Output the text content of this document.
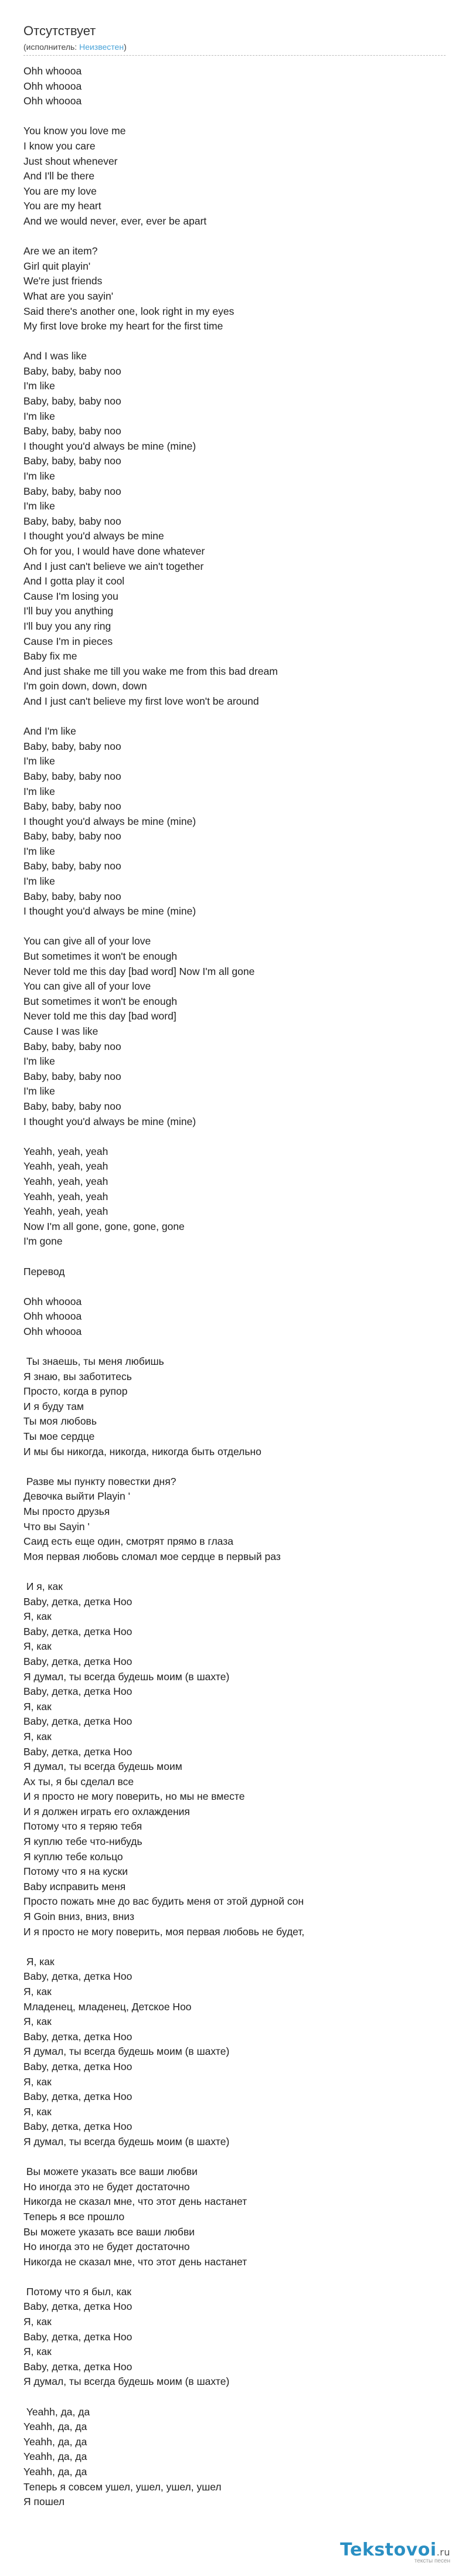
Отсутствует
(исполнитель: Неизвестен)
Ohh whoooa
Ohh whoooa
Ohh whoooa

You know you love me
I know you care
Just shout whenever
And I'll be there
You are my love
You are my heart
And we would never, ever, ever be apart

Are we an item?
Girl quit playin'
We're just friends
What are you sayin'
Said there's another one, look right in my eyes
My first love broke my heart for the first time

And I was like
Baby, baby, baby noo
I'm like
Baby, baby, baby noo
I'm like
Baby, baby, baby noo
I thought you'd always be mine (mine)
Baby, baby, baby noo
I'm like
Baby, baby, baby noo
I'm like
Baby, baby, baby noo
I thought you'd always be mine
Oh for you, I would have done whatever
And I just can't believe we ain't together
And I gotta play it cool
Cause I'm losing you
I'll buy you anything
I'll buy you any ring
Cause I'm in pieces
Baby fix me
And just shake me till you wake me from this bad dream
I'm goin down, down, down
And I just can't believe my first love won't be around

And I'm like
Baby, baby, baby noo
I'm like
Baby, baby, baby noo
I'm like
Baby, baby, baby noo
I thought you'd always be mine (mine)
Baby, baby, baby noo
I'm like
Baby, baby, baby noo
I'm like
Baby, baby, baby noo
I thought you'd always be mine (mine)

You can give all of your love
But sometimes it won't be enough
Never told me this day [bad word] Now I'm all gone
You can give all of your love
But sometimes it won't be enough
Never told me this day [bad word]
Cause I was like
Baby, baby, baby noo
I'm like
Baby, baby, baby noo
I'm like
Baby, baby, baby noo
I thought you'd always be mine (mine)

Yeahh, yeah, yeah
Yeahh, yeah, yeah
Yeahh, yeah, yeah
Yeahh, yeah, yeah
Yeahh, yeah, yeah
Now I'm all gone, gone, gone, gone
I'm gone

Перевод

Ohh whoooa
Ohh whoooa
Ohh whoooa

Ты знаешь, ты меня любишь
Я знаю, вы заботитесь
Просто, когда в рупор
И я буду там
Ты моя любовь
Ты мое сердце
И мы бы никогда, никогда, никогда быть отдельно

Разве мы пункту повестки дня?
Девочка выйти Playin '
Мы просто друзья
Что вы Sayin '
Саид есть еще один, смотрят прямо в глаза
Моя первая любовь сломал мое сердце в первый раз

И я, как
Baby, детка, детка Нoo
Я, как
Baby, детка, детка Нoo
Я, как
Baby, детка, детка Нoo
Я думал, ты всегда будешь моим (в шахте)
Baby, детка, детка Нoo
Я, как
Baby, детка, детка Нoo
Я, как
Baby, детка, детка Нoo
Я думал, ты всегда будешь моим
Ах ты, я бы сделал все
И я просто не могу поверить, но мы не вместе
И я должен играть его охлаждения
Потому что я теряю тебя
Я куплю тебе что-нибудь
Я куплю тебе кольцо
Потому что я на куски
Baby исправить меня
Просто пожать мне до вас будить меня от этой дурной сон
Я Goin вниз, вниз, вниз
И я просто не могу поверить, моя первая любовь не будет,

Я, как
Baby, детка, детка Нoo
Я, как
Младенец, младенец, Детское Нoo
Я, как
Baby, детка, детка Нoo
Я думал, ты всегда будешь моим (в шахте)
Baby, детка, детка Нoo
Я, как
Baby, детка, детка Нoo
Я, как
Baby, детка, детка Нoo
Я думал, ты всегда будешь моим (в шахте)

Вы можете указать все ваши любви
Но иногда это не будет достаточно
Никогда не сказал мне, что этот день настанет
Теперь я все прошло
Вы можете указать все ваши любви
Но иногда это не будет достаточно
Никогда не сказал мне, что этот день настанет

Потому что я был, как
Baby, детка, детка Нoo
Я, как
Baby, детка, детка Нoo
Я, как
Baby, детка, детка Нoo
Я думал, ты всегда будешь моим (в шахте)

Yeahh, да, да
Yeahh, да, да
Yeahh, да, да
Yeahh, да, да
Yeahh, да, да
Теперь я совсем ушел, ушел, ушел, ушел
Я пошел
Tekstovoi.ru
тексты песен
